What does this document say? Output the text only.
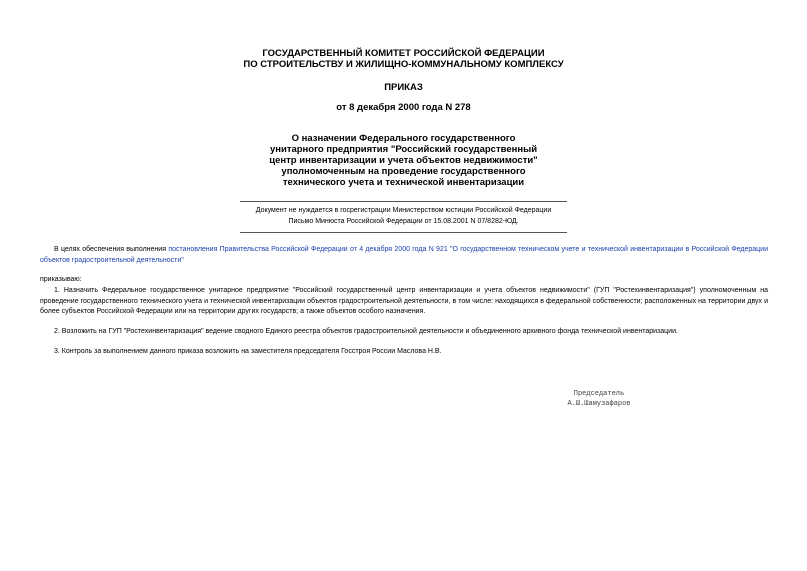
ГОСУДАРСТВЕННЫЙ КОМИТЕТ РОССИЙСКОЙ ФЕДЕРАЦИИ
ПО СТРОИТЕЛЬСТВУ И ЖИЛИЩНО-КОММУНАЛЬНОМУ КОМПЛЕКСУ
ПРИКАЗ
от 8 декабря 2000 года N 278
О назначении Федерального государственного
унитарного предприятия "Российский государственный
центр инвентаризации и учета объектов недвижимости"
уполномоченным на проведение государственного
технического учета и технической инвентаризации
Документ не нуждается в госрегистрации Министерством юстиции Российской Федерации
Письмо Минюста Российской Федерации от 15.08.2001 N 07/8282-ЮД.
В целях обеспечения выполнения постановления Правительства Российской Федерации от 4 декабря 2000 года N 921 "О государственном техническом учете и технической инвентаризации в Российской Федерации объектов градостроительной деятельности"
приказываю:
1. Назначить Федеральное государственное унитарное предприятие "Российский государственный центр инвентаризации и учета объектов недвижимости" (ГУП "Ростехинвентаризация") уполномоченным на проведение государственного технического учета и технической инвентаризации объектов градостроительной деятельности, в том числе: находящихся в федеральной собственности; расположенных на территории двух и более субъектов Российской Федерации или на территории других государств; а также объектов особого назначения.
2. Возложить на ГУП "Ростехинвентаризация" ведение сводного Единого реестра объектов градостроительной деятельности и объединенного архивного фонда технической инвентаризации.
3. Контроль за выполнением данного приказа возложить на заместителя председателя Госстроя России Маслова Н.В.
Председатель
А.Ш.Шамузафаров
